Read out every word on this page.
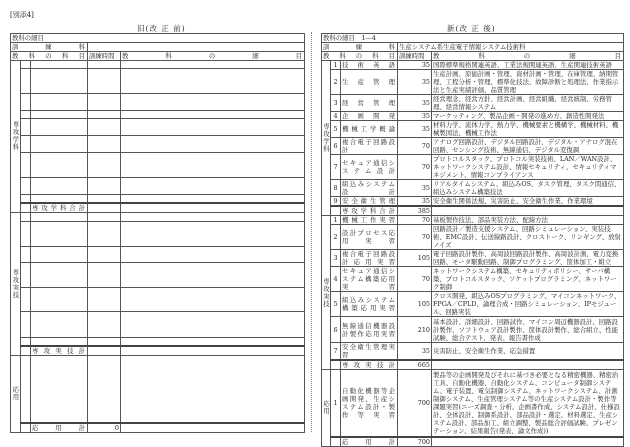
[別添4]
旧(改 正 前)	新(改 正 後)
教科の細目				
訓　　練　　科				
教　科　の　科　目			訓練時間	教　　科　　の　　細　　目
専攻学科				

		専攻学科合計		
専攻実技				

		専攻実技計		
応用				
		応　用　計	0	
教科の細目　1—4				
訓　　練　　科			生産システム系生産電子情報システム技術科	
教　科　の　科　目			訓練時間	教　　科　　の　　細　　目
専攻学科	1	技術英語	35	国際標準規格関連英語、工業法規関連英語、生産関連技術英語
	2	生産管理	35	生産計画、原価計画・管理、資材計画・管理、在庫管理、納期管理、工程分析・管理、標準化技法、故障診断と処理法、作業指示法と生産実績評価、品質管理
	3	経営管理	35	経営理念、経営方針、経営計画、経営組織、経営統制、労務管理、経営情報システム
	4	企画開発	35	マーケッティング、製品企画・開発の進め方、創造性開発法
	5	機械工学概論	35	材料力学、流体力学、熱力学、機械要素と機構学、機械材料、機械製図法、機械工作法
	6	複合電子回路設計	70	アナログ回路設計、デジタル回路設計、デジタル・アナログ混在回路、センシング技術、無線通信、デジタル変復調
	7	セキュア通信システム設計	70	プロトコルスタック、プロトコル実装技術、LAN／WAN設計、ネットワークシステム設計、情報セキュリティ、セキュリティマネジメント、情報コンプライアンス
	8	組込みシステム設計	35	リアルタイムシステム、組込みOS、タスク管理、タスク間通信、組込みシステム構築技法
	9	安全衛生管理	35	安全衛生関係法規、災害防止、安全衛生作業、作業環境
		専攻学科合計	385	
専攻実技	1	機械工作実習	70	基板製作技法、部品実装方法、配線方法
	2	設計プロセス応用実習	70	回路設計／製造支援システム、回路シミュレーション、実装技術、EMC設計、伝送線路設計、クロストーク、リンギング、放射ノイズ
	3	複合電子回路設計応用実習	105	電子回路設計製作、高周波回路設計製作、高周波計測、電力変換回路、モータ駆動回路、制御プログラミング、筐体加工・組立
	4	セキュア通信システム構築応用実習	70	ネットワークシステム構築、セキュリティポリシー、サーバ構築、プロトコルスタック、ソケットプログラミング、ネットワーク制御
	5	組込みシステム構築応用実習	105	クロス開発、組込みOSプログラミング、マイコンネットワーク、FPGA／CPLD、論理合成・回路シミュレーション、IPモジュール、回路実装
	6	無線通信機器設計製作応用実習	210	基本設計、詳細設計、回路試作、マイコン周辺機器設計、回路設計製作、ソフトウェア設計製作、筐体設計製作、総合組立、性能試験、総合テスト、発表、報告書作成
	7	安全衛生管理実習	35	災害防止、安全衛生作業、応急措置
		専攻実技計	665	
応用	1	自動化機器等企画開発、生産システム設計・製作等実習	700	製品等の企画開発及びそれに基づき必要となる精密機器、精密治工具、自動化機器、自動化システム、コンピュータ制御システム、電子装置、電気制御システム、ネットワークシステム、計測制御システム、生産管理システム等の生産システム設計・製作等課題実習(ニーズ調査・分析、企画書作成、システム設計、仕様設計、全体設計、制御系設計、部品設計・選定、材料選定、生産システム設計、部品加工、組立調整、製品総合評価試験、プレゼンテーション、結果報告(発表、論文作成))
		応　用　計	700	
